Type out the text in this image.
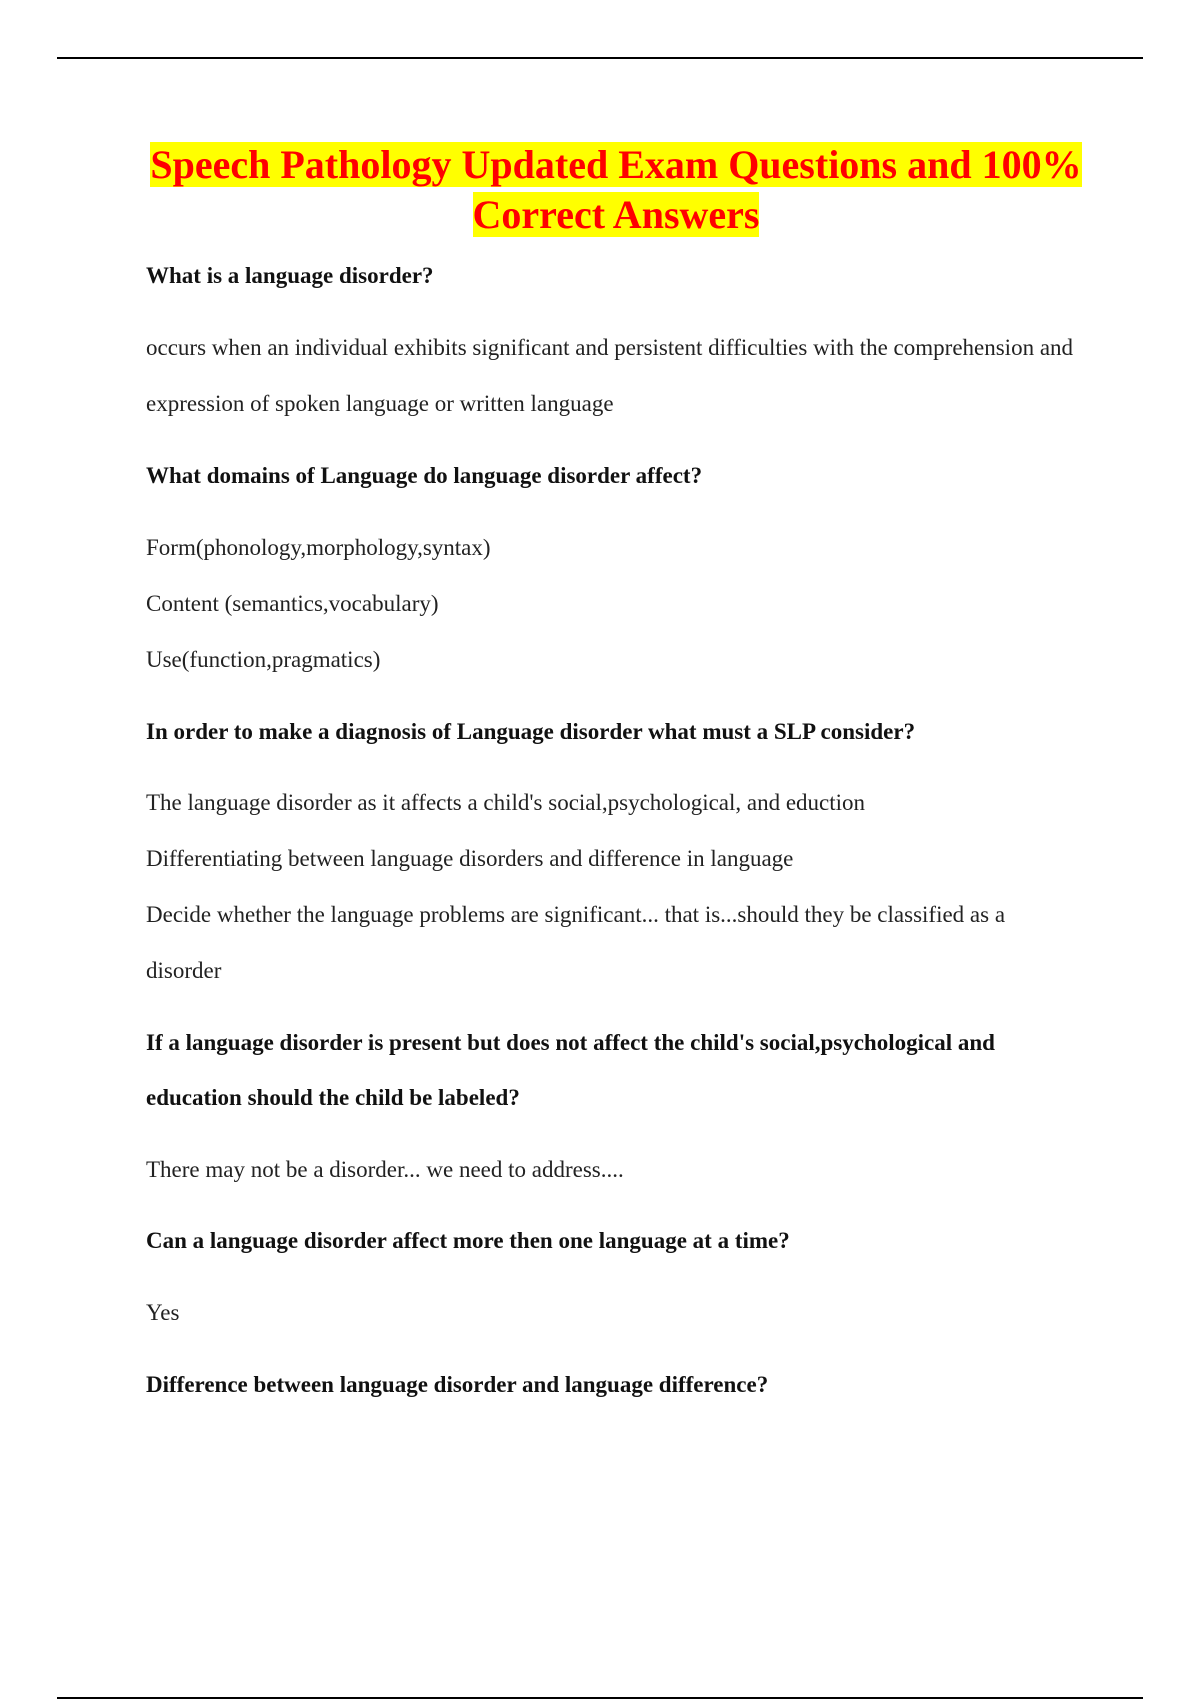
Speech Pathology Updated Exam Questions and 100%
Correct Answers

What is a language disorder?

occurs when an individual exhibits significant and persistent difficulties with the comprehension and expression of spoken language or written language

What domains of Language do language disorder affect?

Form(phonology,morphology,syntax)
Content (semantics,vocabulary)
Use(function,pragmatics)

In order to make a diagnosis of Language disorder what must a SLP consider?

The language disorder as it affects a child's social,psychological, and eduction
Differentiating between language disorders and difference in language
Decide whether the language problems are significant... that is...should they be classified as a disorder

If a language disorder is present but does not affect the child's social,psychological and education should the child be labeled?

There may not be a disorder... we need to address....

Can a language disorder affect more then one language at a time?

Yes

Difference between language disorder and language difference?
